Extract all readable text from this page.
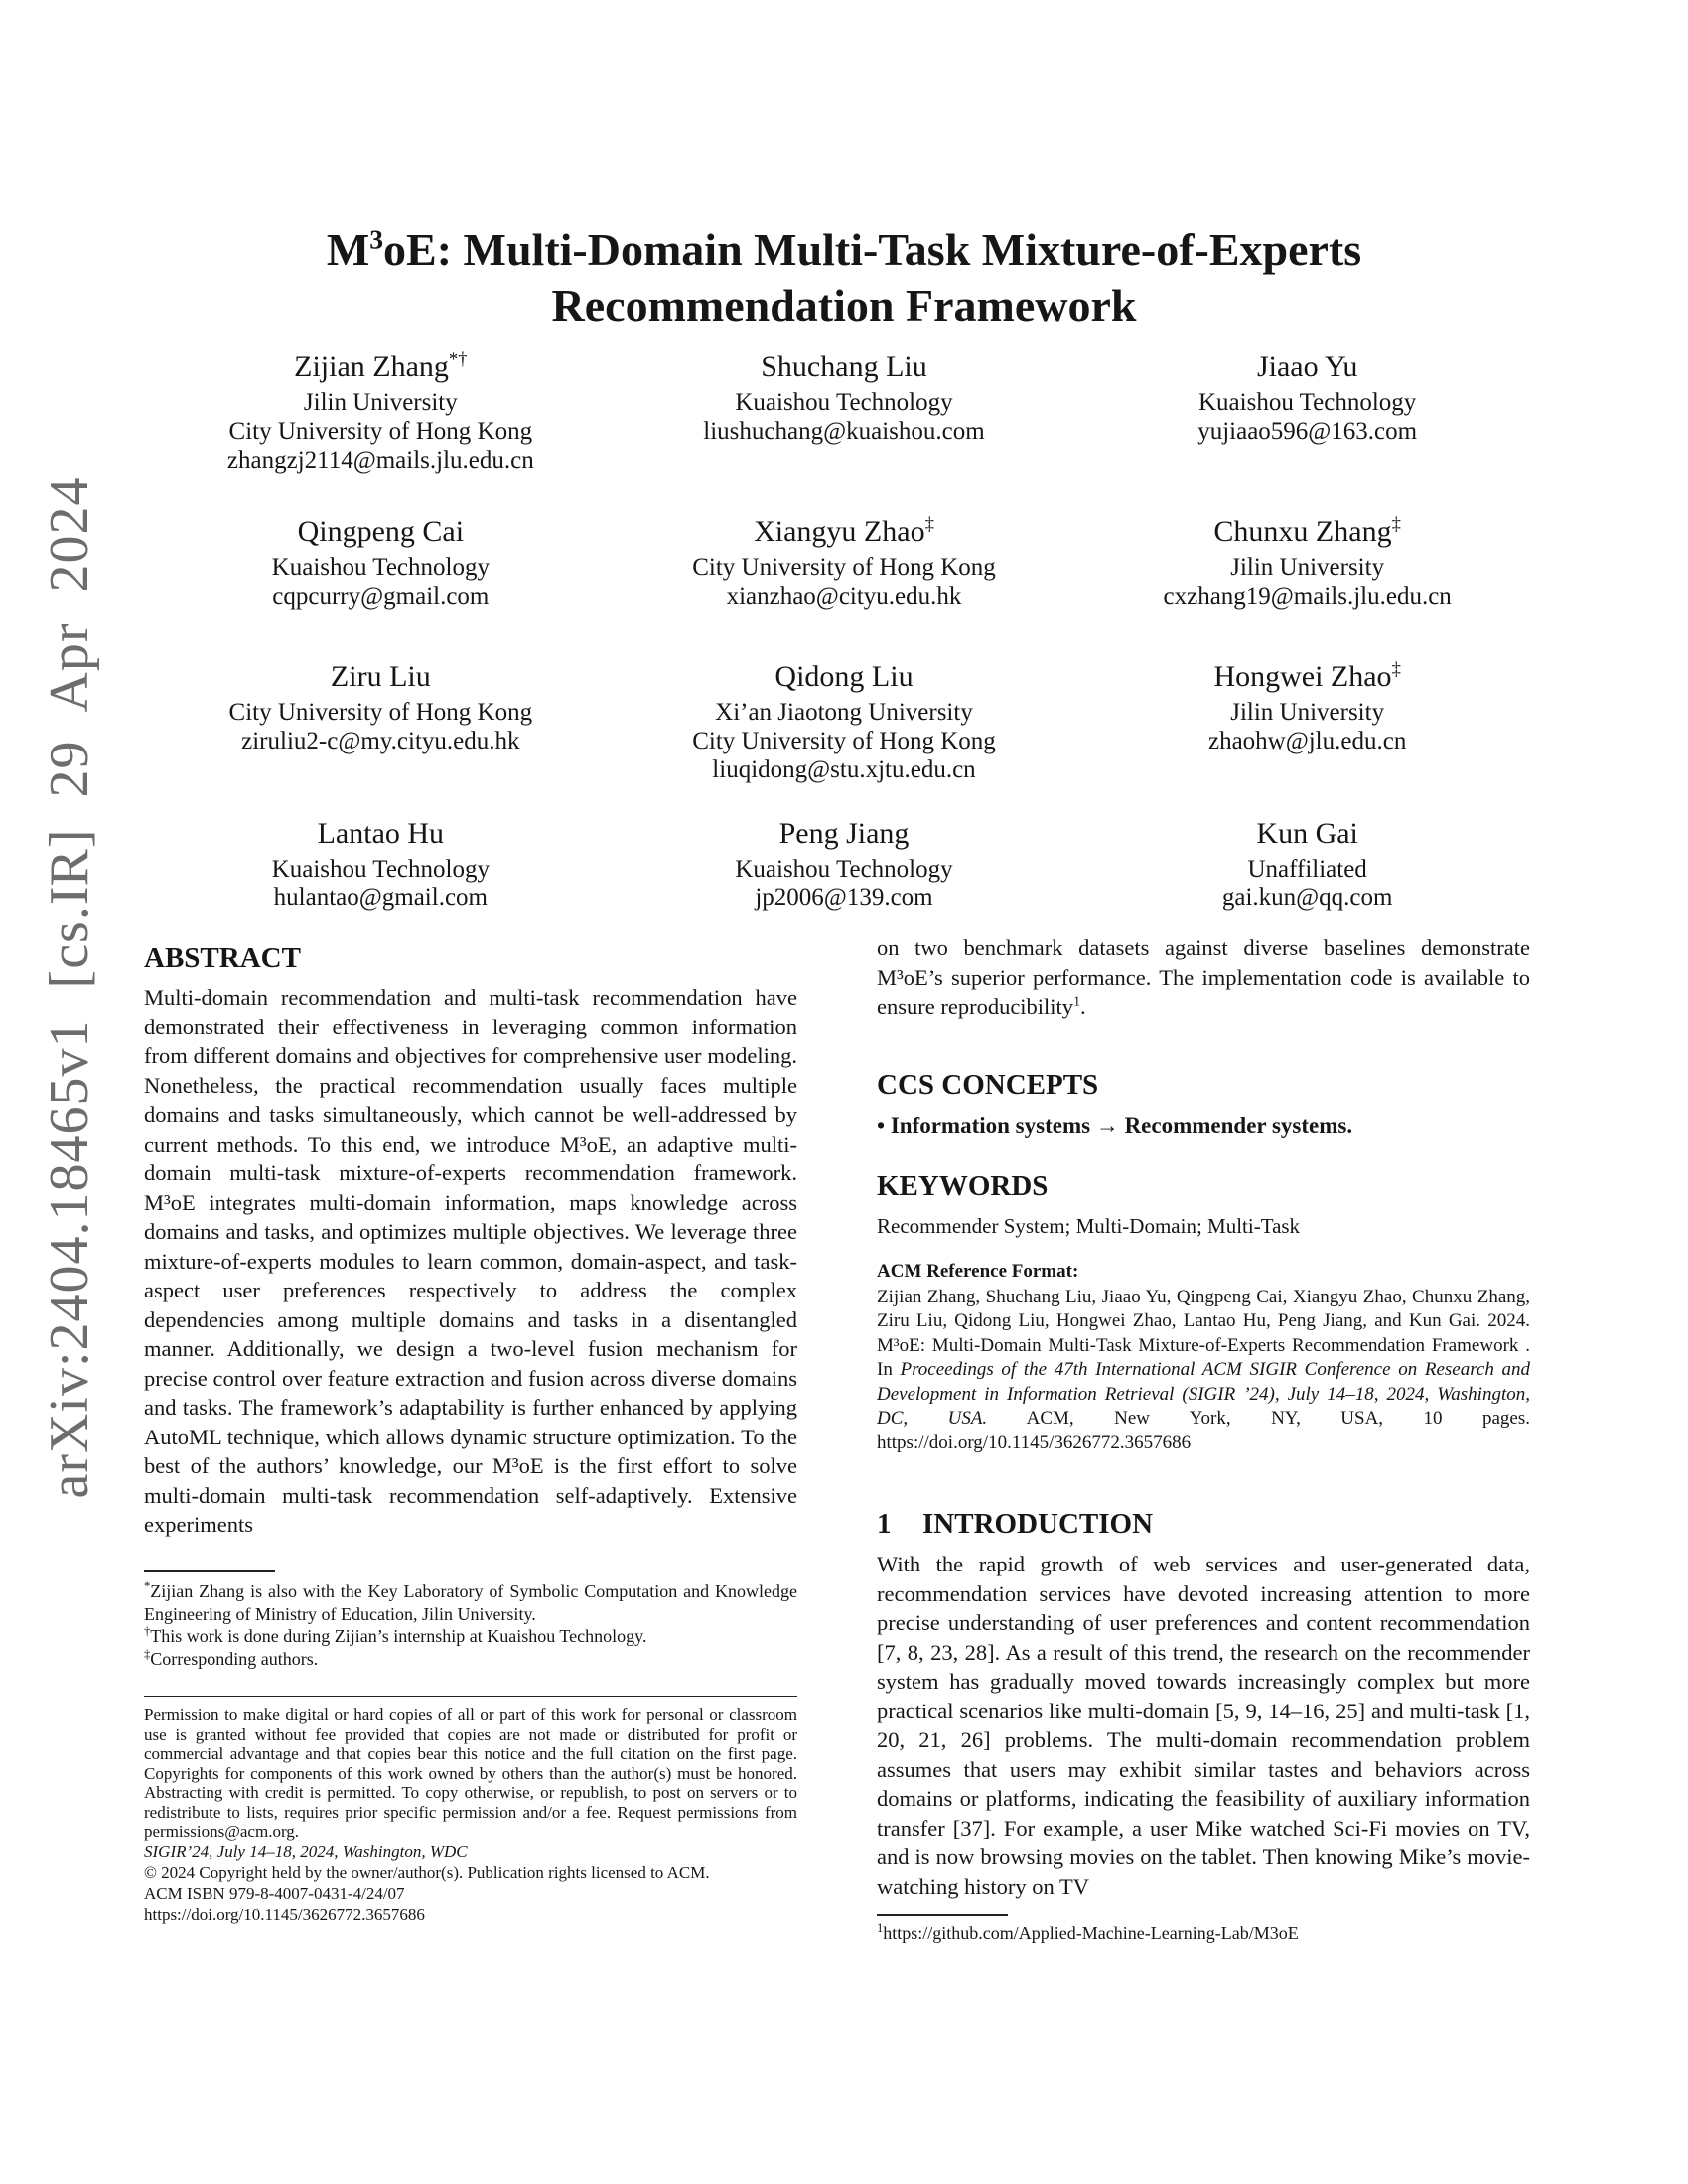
arXiv:2404.18465v1 [cs.IR] 29 Apr 2024
$M^3oE$: Multi-Domain Multi-Task Mixture-of-Experts
Recommendation Framework
Zijian Zhang*†
Jilin University
City University of Hong Kong
zhangzj2114@mails.jlu.edu.cn
Shuchang Liu
Kuaishou Technology
liushuchang@kuaishou.com
Jiaao Yu
Kuaishou Technology
yujiaao596@163.com
Qingpeng Cai
Kuaishou Technology
cqpcurry@gmail.com
Xiangyu Zhao‡
City University of Hong Kong
xianzhao@cityu.edu.hk
Chunxu Zhang‡
Jilin University
cxzhang19@mails.jlu.edu.cn
Ziru Liu
City University of Hong Kong
ziruliu2-c@my.cityu.edu.hk
Qidong Liu
Xi’an Jiaotong University
City University of Hong Kong
liuqidong@stu.xjtu.edu.cn
Hongwei Zhao‡
Jilin University
zhaohw@jlu.edu.cn
Lantao Hu
Kuaishou Technology
hulantao@gmail.com
Peng Jiang
Kuaishou Technology
jp2006@139.com
Kun Gai
Unaffiliated
gai.kun@qq.com
ABSTRACT
Multi-domain recommendation and multi-task recommendation have demonstrated their effectiveness in leveraging common information from different domains and objectives for comprehensive user modeling. Nonetheless, the practical recommendation usually faces multiple domains and tasks simultaneously, which cannot be well-addressed by current methods. To this end, we introduce M³oE, an adaptive multi-domain multi-task mixture-of-experts recommendation framework. M³oE integrates multi-domain information, maps knowledge across domains and tasks, and optimizes multiple objectives. We leverage three mixture-of-experts modules to learn common, domain-aspect, and task-aspect user preferences respectively to address the complex dependencies among multiple domains and tasks in a disentangled manner. Additionally, we design a two-level fusion mechanism for precise control over feature extraction and fusion across diverse domains and tasks. The framework’s adaptability is further enhanced by applying AutoML technique, which allows dynamic structure optimization. To the best of the authors’ knowledge, our M³oE is the first effort to solve multi-domain multi-task recommendation self-adaptively. Extensive experiments
*Zijian Zhang is also with the Key Laboratory of Symbolic Computation and Knowledge Engineering of Ministry of Education, Jilin University.
†This work is done during Zijian’s internship at Kuaishou Technology.
‡Corresponding authors.
Permission to make digital or hard copies of all or part of this work for personal or classroom use is granted without fee provided that copies are not made or distributed for profit or commercial advantage and that copies bear this notice and the full citation on the first page. Copyrights for components of this work owned by others than the author(s) must be honored. Abstracting with credit is permitted. To copy otherwise, or republish, to post on servers or to redistribute to lists, requires prior specific permission and/or a fee. Request permissions from permissions@acm.org.
SIGIR’24, July 14–18, 2024, Washington, WDC
© 2024 Copyright held by the owner/author(s). Publication rights licensed to ACM.
ACM ISBN 979-8-4007-0431-4/24/07
https://doi.org/10.1145/3626772.3657686
on two benchmark datasets against diverse baselines demonstrate M³oE’s superior performance. The implementation code is available to ensure reproducibility$^1$.
CCS CONCEPTS
• Information systems → Recommender systems.
KEYWORDS
Recommender System; Multi-Domain; Multi-Task
ACM Reference Format:
Zijian Zhang, Shuchang Liu, Jiaao Yu, Qingpeng Cai, Xiangyu Zhao, Chunxu Zhang, Ziru Liu, Qidong Liu, Hongwei Zhao, Lantao Hu, Peng Jiang, and Kun Gai. 2024. M³oE: Multi-Domain Multi-Task Mixture-of-Experts Recommendation Framework . In Proceedings of the 47th International ACM SIGIR Conference on Research and Development in Information Retrieval (SIGIR ’24), July 14–18, 2024, Washington, DC, USA. ACM, New York, NY, USA, 10 pages. https://doi.org/10.1145/3626772.3657686
1 INTRODUCTION
With the rapid growth of web services and user-generated data, recommendation services have devoted increasing attention to more precise understanding of user preferences and content recommendation [7, 8, 23, 28]. As a result of this trend, the research on the recommender system has gradually moved towards increasingly complex but more practical scenarios like multi-domain [5, 9, 14–16, 25] and multi-task [1, 20, 21, 26] problems. The multi-domain recommendation problem assumes that users may exhibit similar tastes and behaviors across domains or platforms, indicating the feasibility of auxiliary information transfer [37]. For example, a user Mike watched Sci-Fi movies on TV, and is now browsing movies on the tablet. Then knowing Mike’s movie-watching history on TV
$^1$https://github.com/Applied-Machine-Learning-Lab/M3oE
